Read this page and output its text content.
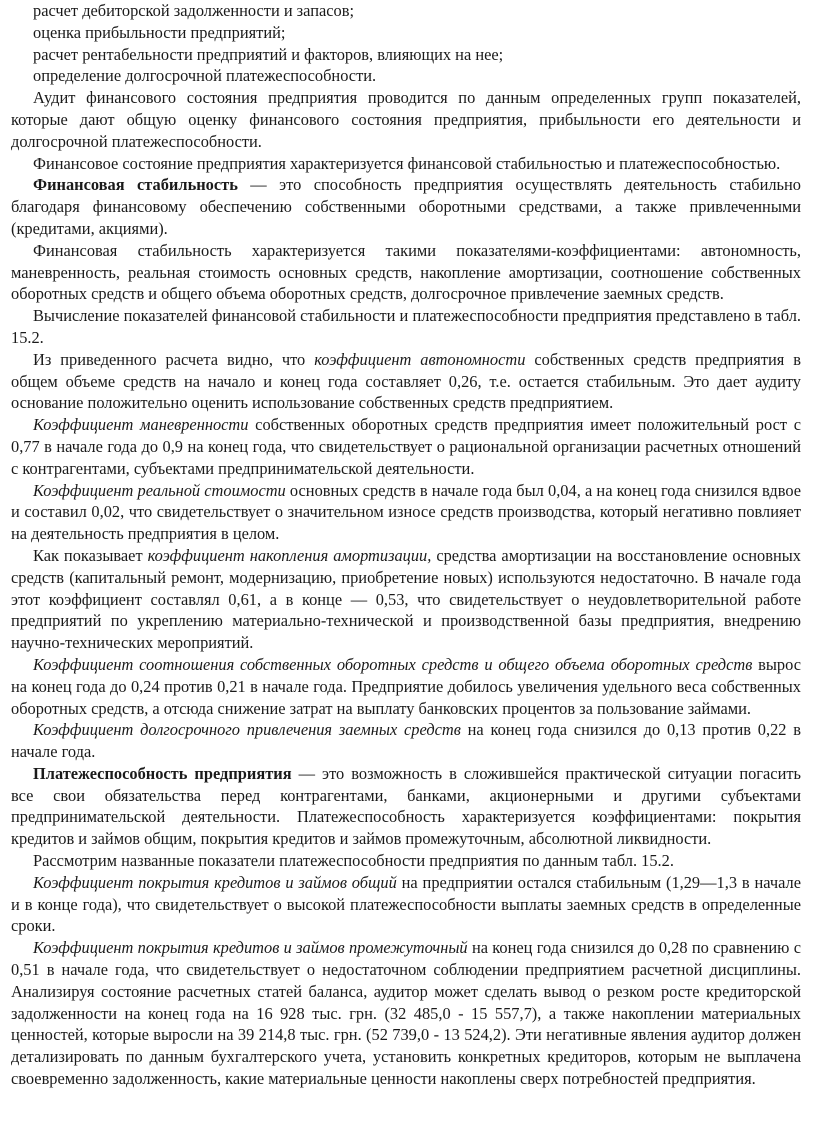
расчет дебиторской задолженности и запасов;

оценка прибыльности предприятий;

расчет рентабельности предприятий и факторов, влияющих на нее;

определение долгосрочной платежеспособности.

Аудит финансового состояния предприятия проводится по данным определенных групп показателей, которые дают общую оценку финансового состояния предприятия, прибыльности его деятельности и долгосрочной платежеспособности.

Финансовое состояние предприятия характеризуется финансовой стабильностью и платежеспособностью.

Финансовая стабильность — это способность предприятия осуществлять деятельность стабильно благодаря финансовому обеспечению собственными оборотными средствами, а также привлеченными (кредитами, акциями).

Финансовая стабильность характеризуется такими показателями-коэффициентами: автономность, маневренность, реальная стоимость основных средств, накопление амортизации, соотношение собственных оборотных средств и общего объема оборотных средств, долгосрочное привлечение заемных средств.

Вычисление показателей финансовой стабильности и платежеспособности предприятия представлено в табл. 15.2.

Из приведенного расчета видно, что коэффициент автономности собственных средств предприятия в общем объеме средств на начало и конец года составляет 0,26, т.е. остается стабильным. Это дает аудиту основание положительно оценить использование собственных средств предприятием.

Коэффициент маневренности собственных оборотных средств предприятия имеет положительный рост с 0,77 в начале года до 0,9 на конец года, что свидетельствует о рациональной организации расчетных отношений с контрагентами, субъектами предпринимательской деятельности.

Коэффициент реальной стоимости основных средств в начале года был 0,04, а на конец года снизился вдвое и составил 0,02, что свидетельствует о значительном износе средств производства, который негативно повлияет на деятельность предприятия в целом.

Как показывает коэффициент накопления амортизации, средства амортизации на восстановление основных средств (капитальный ремонт, модернизацию, приобретение новых) используются недостаточно. В начале года этот коэффициент составлял 0,61, а в конце — 0,53, что свидетельствует о неудовлетворительной работе предприятий по укреплению материально-технической и производственной базы предприятия, внедрению научно-технических мероприятий.

Коэффициент соотношения собственных оборотных средств и общего объема оборотных средств вырос на конец года до 0,24 против 0,21 в начале года. Предприятие добилось увеличения удельного веса собственных оборотных средств, а отсюда снижение затрат на выплату банковских процентов за пользование займами.

Коэффициент долгосрочного привлечения заемных средств на конец года снизился до 0,13 против 0,22 в начале года.

Платежеспособность предприятия — это возможность в сложившейся практической ситуации погасить все свои обязательства перед контрагентами, банками, акционерными и другими субъектами предпринимательской деятельности. Платежеспособность характеризуется коэффициентами: покрытия кредитов и займов общим, покрытия кредитов и займов промежуточным, абсолютной ликвидности.

Рассмотрим названные показатели платежеспособности предприятия по данным табл. 15.2.

Коэффициент покрытия кредитов и займов общий на предприятии остался стабильным (1,29—1,3 в начале и в конце года), что свидетельствует о высокой платежеспособности выплаты заемных средств в определенные сроки.

Коэффициент покрытия кредитов и займов промежуточный на конец года снизился до 0,28 по сравнению с 0,51 в начале года, что свидетельствует о недостаточном соблюдении предприятием расчетной дисциплины. Анализируя состояние расчетных статей баланса, аудитор может сделать вывод о резком росте кредиторской задолженности на конец года на 16 928 тыс. грн. (32 485,0 - 15 557,7), а также накоплении материальных ценностей, которые выросли на 39 214,8 тыс. грн. (52 739,0 - 13 524,2). Эти негативные явления аудитор должен детализировать по данным бухгалтерского учета, установить конкретных кредиторов, которым не выплачена своевременно задолженность, какие материальные ценности накоплены сверх потребностей предприятия.
